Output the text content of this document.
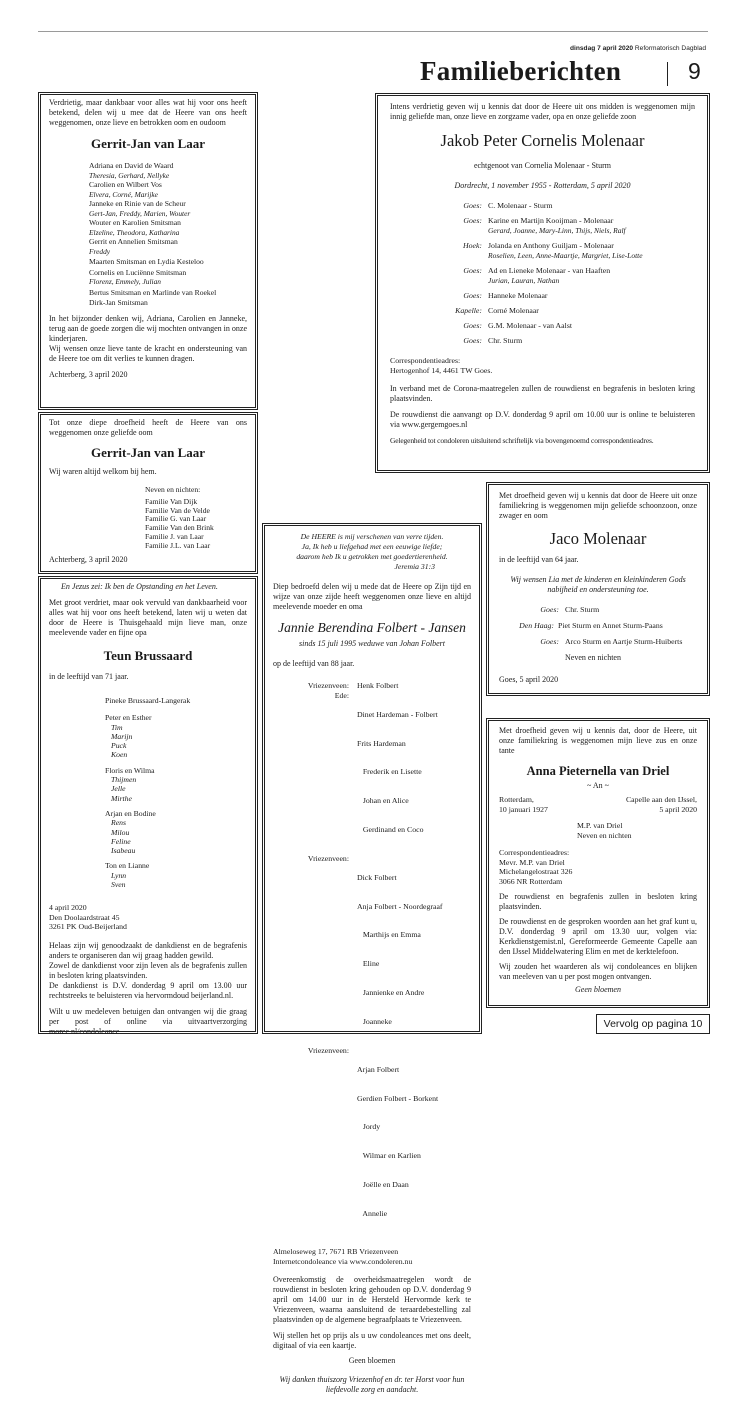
dinsdag 7 april 2020 Reformatorisch Dagblad
Familieberichten	9

Verdrietig, maar dankbaar voor alles wat hij voor ons heeft betekend, delen wij u mee dat de Heere van ons heeft weggenomen, onze lieve en betrokken oom en oudoom

Gerrit-Jan van Laar
Adriana en David de Waard
Theresia, Gerhard, Nellyke
Carolien en Wilbert Vos
Elvera, Corné, Marijke
Janneke en Rinie van de Scheur
Gert-Jan, Freddy, Marien, Wouter
Wouter en Karolien Smitsman
Elzeline, Theodora, Katharina
Gerrit en Annelien Smitsman
Freddy
Maarten Smitsman en Lydia Kesteloo
Cornelis en Luciënne Smitsman
Florenz, Emmely, Julian
Bertus Smitsman en Marlinde van Roekel
Dirk-Jan Smitsman

In het bijzonder denken wij, Adriana, Carolien en Janneke, terug aan de goede zorgen die wij mochten ontvangen in onze kinderjaren.
Wij wensen onze lieve tante de kracht en ondersteuning van de Heere toe om dit verlies te kunnen dragen.

Achterberg, 3 april 2020

Tot onze diepe droefheid heeft de Heere van ons weggenomen onze geliefde oom

Gerrit-Jan van Laar

Wij waren altijd welkom bij hem.

Neven en nichten:
Familie Van Dijk
Familie Van de Velde
Familie G. van Laar
Familie Van den Brink
Familie J. van Laar
Familie J.L. van Laar

Achterberg, 3 april 2020

En Jezus zei: Ik ben de Opstanding en het Leven.

Met groot verdriet, maar ook vervuld van dankbaarheid voor alles wat hij voor ons heeft betekend, laten wij u weten dat door de Heere is Thuisgehaald mijn lieve man, onze meelevende vader en fijne opa

Teun Brussaard

in de leeftijd van 71 jaar.

Pineke Brussaard-Langerak
Peter en Esther
Tim
Marijn
Puck
Koen
Floris en Wilma
Thijmen
Jelle
Mirthe
Arjan en Bodine
Rens
Milou
Feline
Isabeau
Ton en Lianne
Lynn
Sven
4 april 2020
Den Doolaardstraat 45
3261 PK Oud-Beijerland

Helaas zijn wij genoodzaakt de dankdienst en de begrafenis anders te organiseren dan wij graag hadden gewild.
Zowel de dankdienst voor zijn leven als de begrafenis zullen in besloten kring plaatsvinden.
De dankdienst is D.V. donderdag 9 april om 13.00 uur rechtstreeks te beluisteren via hervormdoud beijerland.nl.

Wilt u uw medeleven betuigen dan ontvangen wij die graag per post of online via uitvaartverzorging moree.nl/condoleance

Intens verdrietig geven wij u kennis dat door de Heere uit ons midden is weggenomen mijn innig geliefde man, onze lieve en zorgzame vader, opa en onze geliefde zoon

Jakob Peter Cornelis Molenaar

echtgenoot van Cornelia Molenaar - Sturm

Dordrecht, 1 november 1955 - Rotterdam, 5 april 2020

Goes: C. Molenaar - Sturm
Goes: Karine en Martijn Kooijman - Molenaar
Gerard, Joanne, Mary-Linn, Thijs, Niels, Ralf
Hoek: Jolanda en Anthony Guiljam - Molenaar
Roselien, Leen, Anne-Maartje, Margriet, Lise-Lotte
Goes: Ad en Lieneke Molenaar - van Haaften
Jurian, Lauran, Nathan
Goes: Hanneke Molenaar
Kapelle: Corné Molenaar
Goes: G.M. Molenaar - van Aalst
Goes: Chr. Sturm
Correspondentieadres:
Hertogenhof 14, 4461 TW Goes.

In verband met de Corona-maatregelen zullen de rouwdienst en begrafenis in besloten kring plaatsvinden.

De rouwdienst die aanvangt op D.V. donderdag 9 april om 10.00 uur is online te beluisteren via www.gergemgoes.nl

Gelegenheid tot condoleren uitsluitend schriftelijk via bovengenoemd correspondentieadres.

Met droefheid geven wij u kennis dat door de Heere uit onze familiekring is weggenomen mijn geliefde schoonzoon, onze zwager en oom

Jaco Molenaar

in de leeftijd van 64 jaar.

Wij wensen Lia met de kinderen en kleinkinderen Gods nabijheid en ondersteuning toe.

Goes: Chr. Sturm
Den Haag: Piet Sturm en Annet Sturm-Paans
Goes: Arco Sturm en Aartje Sturm-Huiberts
Neven en nichten

Goes, 5 april 2020

De HEERE is mij verschenen van verre tijden.
Ja, Ik heb u liefgehad met een eeuwige liefde;
daarom heb Ik u getrokken met goedertierenheid.

Jeremia 31:3

Diep bedroefd delen wij u mede dat de Heere op Zijn tijd en wijze van onze zijde heeft weggenomen onze lieve en altijd meelevende moeder en oma

Jannie Berendina Folbert - Jansen

sinds 15 juli 1995 weduwe van Johan Folbert

op de leeftijd van 88 jaar.

Vriezenveen:	Henk Folbert
Ede:

Dinet Hardeman - Folbert

Frits Hardeman

Frederik en Lisette

Johan en Alice

Gerdinand en Coco

Vriezenveen:

Dick Folbert

Anja Folbert - Noordegraaf

Marthijs en Emma

Eline

Jannienke en Andre

Joanneke

Vriezenveen:

Arjan Folbert

Gerdien Folbert - Borkent

Jordy

Wilmar en Karlien

Joëlle en Daan

Annelie

Almeloseweg 17, 7671 RB Vriezenveen
Internetcondoleance via www.condoleren.nu

Overeenkomstig de overheidsmaatregelen wordt de rouwdienst in besloten kring gehouden op D.V. donderdag 9 april om 14.00 uur in de Hersteld Hervormde kerk te Vriezenveen, waarna aansluitend de teraardebestelling zal plaatsvinden op de algemene begraafplaats te Vriezenveen.

Wij stellen het op prijs als u uw condoleances met ons deelt, digitaal of via een kaartje.

Geen bloemen

Wij danken thuiszorg Vriezenhof en dr. ter Horst voor hun liefdevolle zorg en aandacht.

Met droefheid geven wij u kennis dat, door de Heere, uit onze familiekring is weggenomen mijn lieve zus en onze tante

Anna Pieternella van Driel

~ An ~

Rotterdam,
10 januari 1927
Capelle aan den IJssel,
5 april 2020
M.P. van Driel
Neven en nichten
Correspondentieadres:
Mevr. M.P. van Driel
Michelangelostraat 326
3066 NR Rotterdam

De rouwdienst en begrafenis zullen in besloten kring plaatsvinden.

De rouwdienst en de gesproken woorden aan het graf kunt u, D.V. donderdag 9 april om 13.30 uur, volgen via: Kerkdienstgemist.nl, Gereformeerde Gemeente Capelle aan den IJssel Middelwatering Elim en met de kerktelefoon.

Wij zouden het waarderen als wij condoleances en blijken van meeleven van u per post mogen ontvangen.

Geen bloemen

Vervolg op pagina 10
